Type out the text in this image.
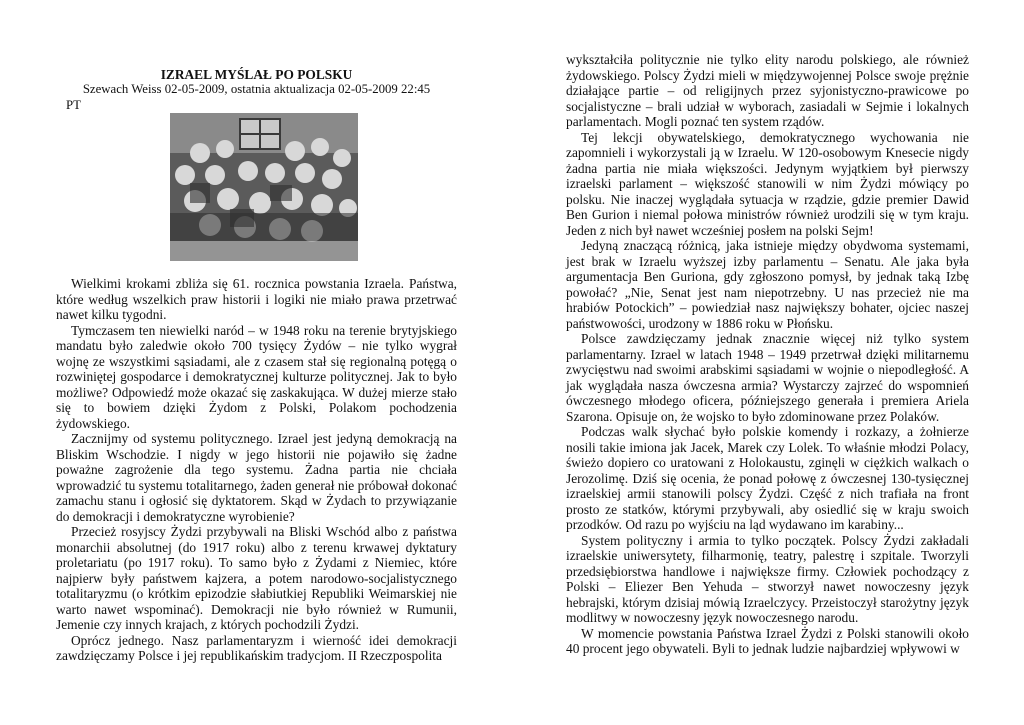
IZRAEL MYŚLAŁ PO POLSKU
Szewach Weiss 02-05-2009, ostatnia aktualizacja 02-05-2009 22:45
PT

Wielkimi krokami zbliża się 61. rocznica powstania Izraela. Państwa, które według wszelkich praw historii i logiki nie miało prawa przetrwać nawet kilku tygodni.

Tymczasem ten niewielki naród – w 1948 roku na terenie brytyjskiego mandatu było zaledwie około 700 tysięcy Żydów – nie tylko wygrał wojnę ze wszystkimi sąsiadami, ale z czasem stał się regionalną potęgą o rozwiniętej gospodarce i demokratycznej kulturze politycznej. Jak to było możliwe? Odpowiedź może okazać się zaskakująca. W dużej mierze stało się to bowiem dzięki Żydom z Polski, Polakom pochodzenia żydowskiego.

Zacznijmy od systemu politycznego. Izrael jest jedyną demokracją na Bliskim Wschodzie. I nigdy w jego historii nie pojawiło się żadne poważne zagrożenie dla tego systemu. Żadna partia nie chciała wprowadzić tu systemu totalitarnego, żaden generał nie próbował dokonać zamachu stanu i ogłosić się dyktatorem. Skąd w Żydach to przywiązanie do demokracji i demokratyczne wyrobienie?

Przecież rosyjscy Żydzi przybywali na Bliski Wschód albo z państwa monarchii absolutnej (do 1917 roku) albo z terenu krwawej dyktatury proletariatu (po 1917 roku). To samo było z Żydami z Niemiec, które najpierw były państwem kajzera, a potem narodowo-socjalistycznego totalitaryzmu (o krótkim epizodzie słabiutkiej Republiki Weimarskiej nie warto nawet wspominać). Demokracji nie było również w Rumunii, Jemenie czy innych krajach, z których pochodzili Żydzi.

Oprócz jednego. Nasz parlamentaryzm i wierność idei demokracji zawdzięczamy Polsce i jej republikańskim tradycjom. II Rzeczpospolita

wykształciła politycznie nie tylko elity narodu polskiego, ale również żydowskiego. Polscy Żydzi mieli w międzywojennej Polsce swoje prężnie działające partie – od religijnych przez syjonistyczno-prawicowe po socjalistyczne – brali udział w wyborach, zasiadali w Sejmie i lokalnych parlamentach. Mogli poznać ten system rządów.

Tej lekcji obywatelskiego, demokratycznego wychowania nie zapomnieli i wykorzystali ją w Izraelu. W 120-osobowym Knesecie nigdy żadna partia nie miała większości. Jedynym wyjątkiem był pierwszy izraelski parlament – większość stanowili w nim Żydzi mówiący po polsku. Nie inaczej wyglądała sytuacja w rządzie, gdzie premier Dawid Ben Gurion i niemal połowa ministrów również urodzili się w tym kraju. Jeden z nich był nawet wcześniej posłem na polski Sejm!

Jedyną znaczącą różnicą, jaka istnieje między obydwoma systemami, jest brak w Izraelu wyższej izby parlamentu – Senatu. Ale jaka była argumentacja Ben Guriona, gdy zgłoszono pomysł, by jednak taką Izbę powołać? „Nie, Senat jest nam niepotrzebny. U nas przecież nie ma hrabiów Potockich” – powiedział nasz największy bohater, ojciec naszej państwowości, urodzony w 1886 roku w Płońsku.

Polsce zawdzięczamy jednak znacznie więcej niż tylko system parlamentarny. Izrael w latach 1948 – 1949 przetrwał dzięki militarnemu zwycięstwu nad swoimi arabskimi sąsiadami w wojnie o niepodległość. A jak wyglądała nasza ówczesna armia? Wystarczy zajrzeć do wspomnień ówczesnego młodego oficera, późniejszego generała i premiera Ariela Szarona. Opisuje on, że wojsko to było zdominowane przez Polaków.

Podczas walk słychać było polskie komendy i rozkazy, a żołnierze nosili takie imiona jak Jacek, Marek czy Lolek. To właśnie młodzi Polacy, świeżo dopiero co uratowani z Holokaustu, zginęli w ciężkich walkach o Jerozolimę. Dziś się ocenia, że ponad połowę z ówczesnej 130-tysięcznej izraelskiej armii stanowili polscy Żydzi. Część z nich trafiała na front prosto ze statków, którymi przybywali, aby osiedlić się w kraju swoich przodków. Od razu po wyjściu na ląd wydawano im karabiny...

System polityczny i armia to tylko początek. Polscy Żydzi zakładali izraelskie uniwersytety, filharmonię, teatry, palestrę i szpitale. Tworzyli przedsiębiorstwa handlowe i największe firmy. Człowiek pochodzący z Polski – Eliezer Ben Yehuda – stworzył nawet nowoczesny język hebrajski, którym dzisiaj mówią Izraelczycy. Przeistoczył starożytny język modlitwy w nowoczesny język nowoczesnego narodu.

W momencie powstania Państwa Izrael Żydzi z Polski stanowili około 40 procent jego obywateli. Byli to jednak ludzie najbardziej wpływowi w
